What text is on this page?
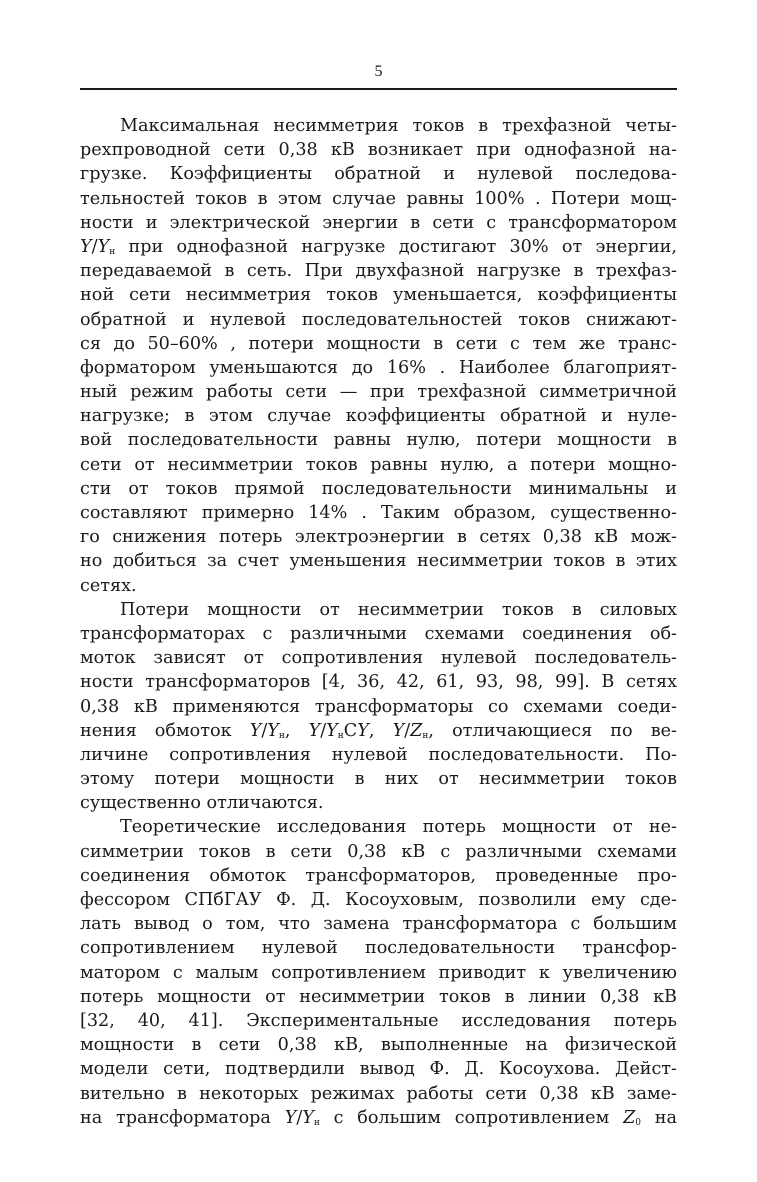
5
Максимальная несимметрия токов в трехфазной четы-
рехпроводной сети 0,38 кВ возникает при однофазной на-
грузке. Коэффициенты обратной и нулевой последова-
тельностей токов в этом случае равны 100% . Потери мощ-
ности и электрической энергии в сети с трансформатором
$Y/Y_н$ при однофазной нагрузке достигают 30% от энергии,
передаваемой в сеть. При двухфазной нагрузке в трехфаз-
ной сети несимметрия токов уменьшается, коэффициенты
обратной и нулевой последовательностей токов снижают-
ся до 50–60% , потери мощности в сети с тем же транс-
форматором уменьшаются до 16% . Наиболее благоприят-
ный режим работы сети — при трехфазной симметричной
нагрузке; в этом случае коэффициенты обратной и нуле-
вой последовательности равны нулю, потери мощности в
сети от несимметрии токов равны нулю, а потери мощно-
сти от токов прямой последовательности минимальны и
составляют примерно 14% . Таким образом, существенно-
го снижения потерь электроэнергии в сетях 0,38 кВ мож-
но добиться за счет уменьшения несимметрии токов в этих
сетях.
Потери мощности от несимметрии токов в силовых
трансформаторах с различными схемами соединения об-
моток зависят от сопротивления нулевой последователь-
ности трансформаторов [4, 36, 42, 61, 93, 98, 99]. В сетях
0,38 кВ применяются трансформаторы со схемами соеди-
нения обмоток $Y/Y_н$, $Y/Y_нCY$, $Y/Z_н$, отличающиеся по ве-
личине сопротивления нулевой последовательности. По-
этому потери мощности в них от несимметрии токов
существенно отличаются.
Теоретические исследования потерь мощности от не-
симметрии токов в сети 0,38 кВ с различными схемами
соединения обмоток трансформаторов, проведенные про-
фессором СПбГАУ Ф. Д. Косоуховым, позволили ему сде-
лать вывод о том, что замена трансформатора с большим
сопротивлением нулевой последовательности трансфор-
матором с малым сопротивлением приводит к увеличению
потерь мощности от несимметрии токов в линии 0,38 кВ
[32, 40, 41]. Экспериментальные исследования потерь
мощности в сети 0,38 кВ, выполненные на физической
модели сети, подтвердили вывод Ф. Д. Косоухова. Дейст-
вительно в некоторых режимах работы сети 0,38 кВ заме-
на трансформатора $Y/Y_н$ с большим сопротивлением $Z_0$ на
